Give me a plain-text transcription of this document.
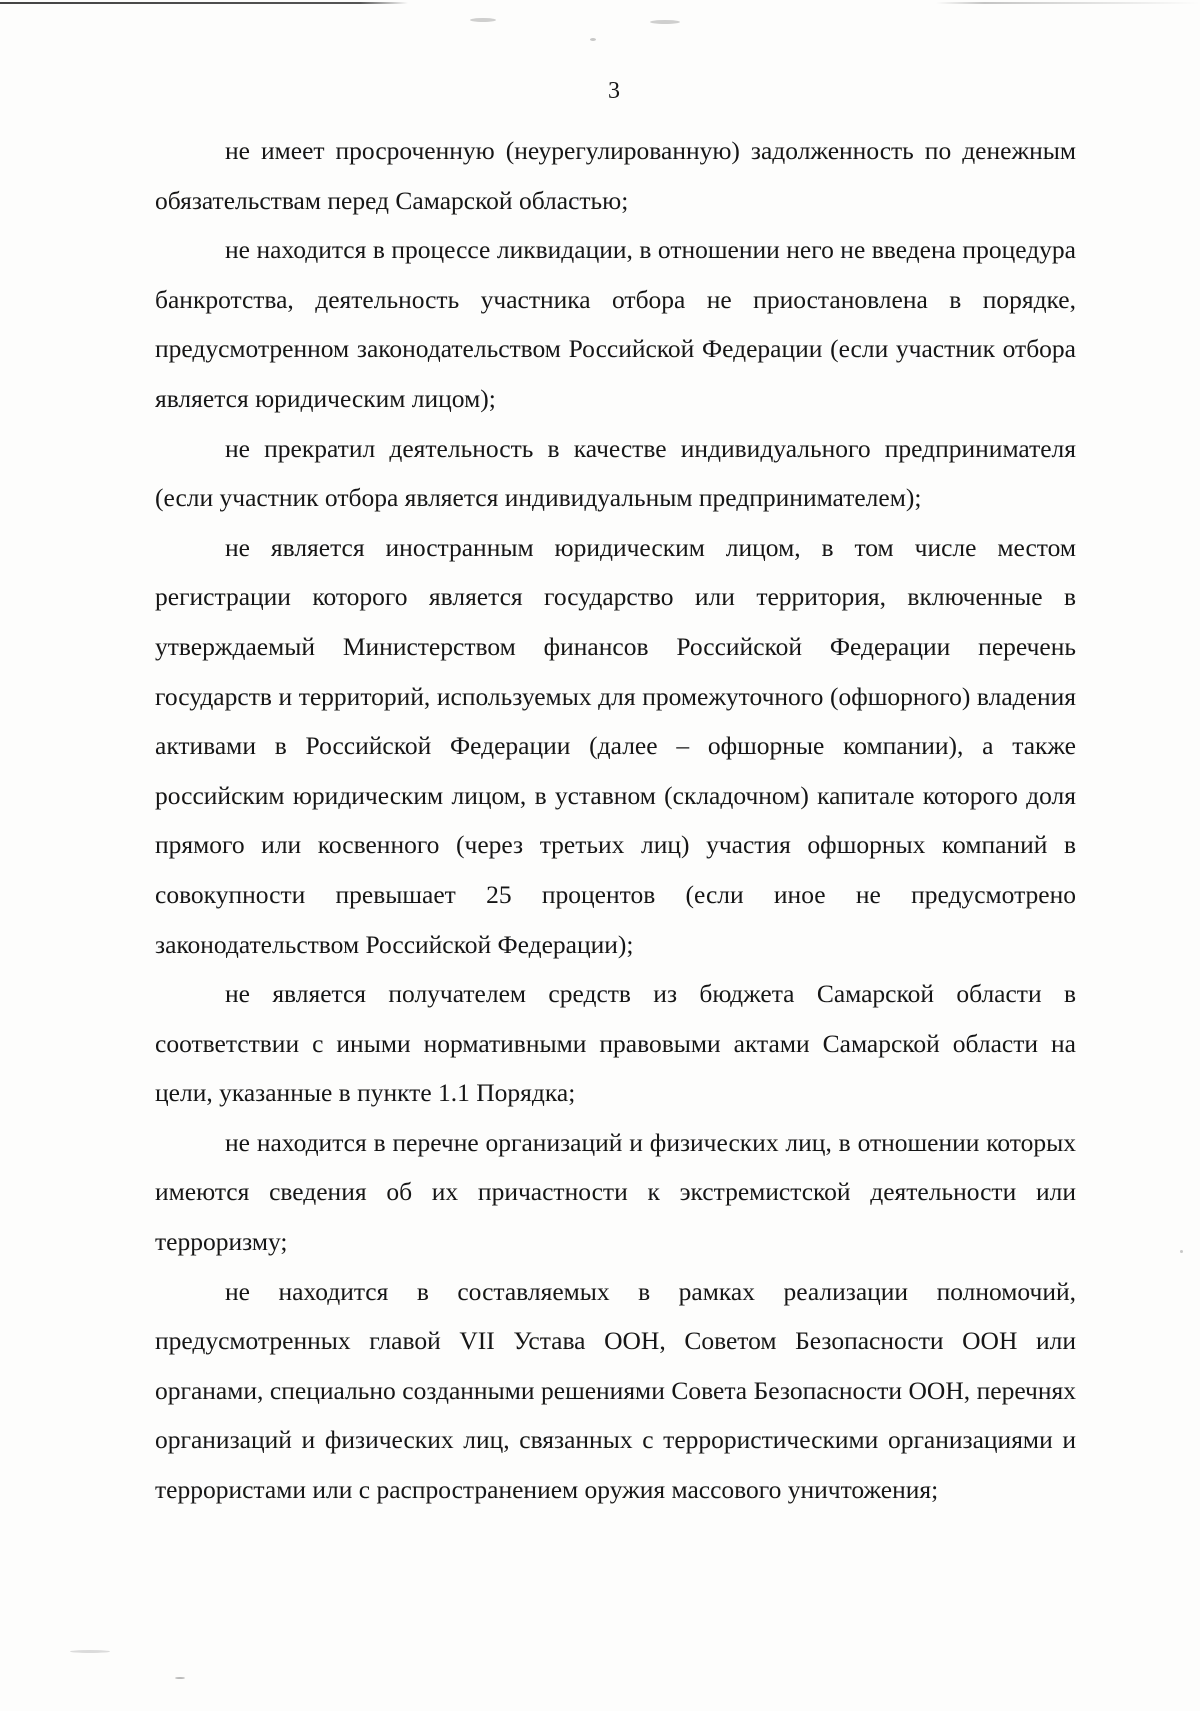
3

не имеет просроченную (неурегулированную) задолженность по денежным обязательствам перед Самарской областью;

не находится в процессе ликвидации, в отношении него не введена процедура банкротства, деятельность участника отбора не приостановлена в порядке, предусмотренном законодательством Российской Федерации (если участник отбора является юридическим лицом);

не прекратил деятельность в качестве индивидуального предпринимателя (если участник отбора является индивидуальным предпринимателем);

не является иностранным юридическим лицом, в том числе местом регистрации которого является государство или территория, включенные в утверждаемый Министерством финансов Российской Федерации перечень государств и территорий, используемых для промежуточного (офшорного) владения активами в Российской Федерации (далее – офшорные компании), а также российским юридическим лицом, в уставном (складочном) капитале которого доля прямого или косвенного (через третьих лиц) участия офшорных компаний в совокупности превышает 25 процентов (если иное не предусмотрено законодательством Российской Федерации);

не является получателем средств из бюджета Самарской области в соответствии с иными нормативными правовыми актами Самарской области на цели, указанные в пункте 1.1 Порядка;

не находится в перечне организаций и физических лиц, в отношении которых имеются сведения об их причастности к экстремистской деятельности или терроризму;

не находится в составляемых в рамках реализации полномочий, предусмотренных главой VII Устава ООН, Советом Безопасности ООН или органами, специально созданными решениями Совета Безопасности ООН, перечнях организаций и физических лиц, связанных с террористическими организациями и террористами или с распространением оружия массового уничтожения;
